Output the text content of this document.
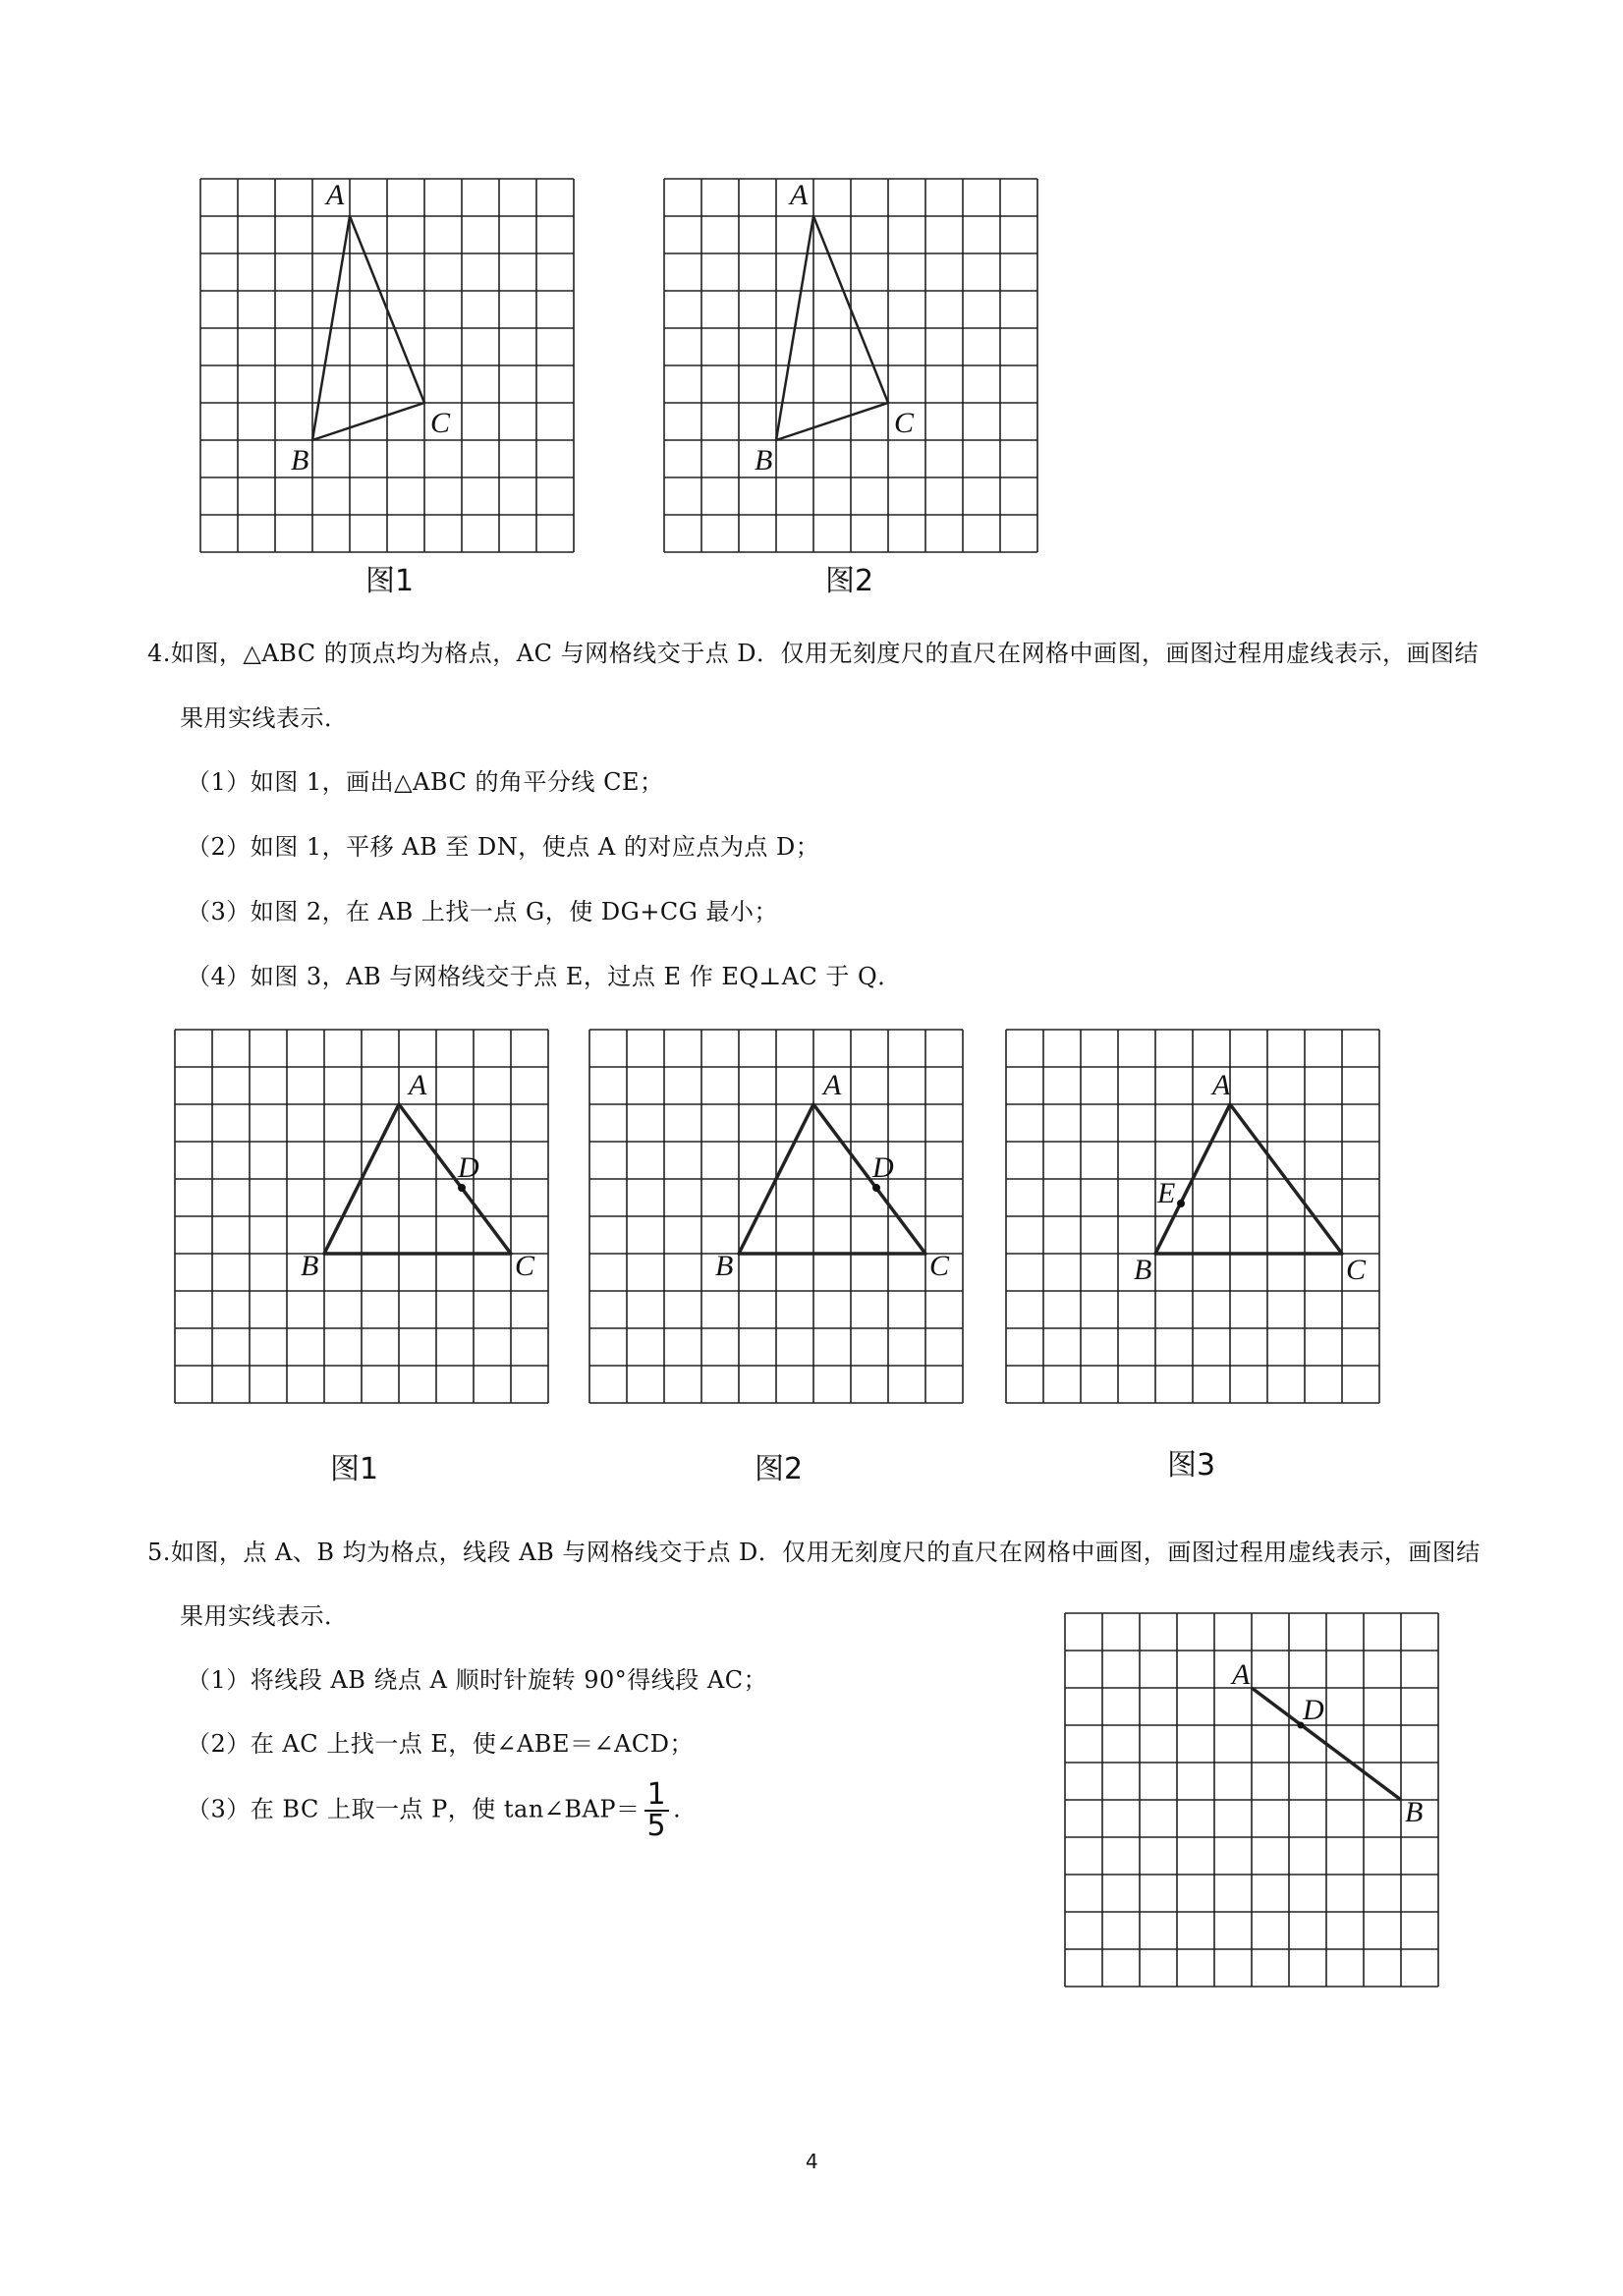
A
B
C
图1
A
B
C
图2
4.如图，△ABC 的顶点均为格点，AC 与网格线交于点 D．仅用无刻度尺的直尺在网格中画图，画图过程用虚线表示，画图结
果用实线表示．
（1）如图 1，画出△ABC 的角平分线 CE；
（2）如图 1，平移 AB 至 DN，使点 A 的对应点为点 D；
（3）如图 2，在 AB 上找一点 G，使 DG+CG 最小；
（4）如图 3，AB 与网格线交于点 E，过点 E 作 EQ⊥AC 于 Q．
A
D
B	C
图1
A
D
B	C
图2
A
E
B	C
图3
5.如图，点 A、B 均为格点，线段 AB 与网格线交于点 D．仅用无刻度尺的直尺在网格中画图，画图过程用虚线表示，画图结
果用实线表示．
（1）将线段 AB 绕点 A 顺时针旋转 90°得线段 AC；
（2）在 AC 上找一点 E，使∠ABE＝∠ACD；
（3）在 BC 上取一点 P，使 tan∠BAP＝ $\frac{1}{5}$ .
A
D
B
4
